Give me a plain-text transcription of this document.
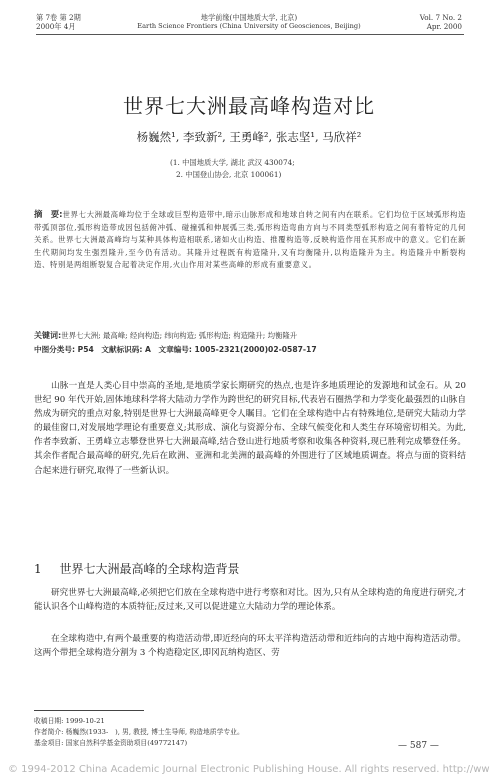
第 7卷 第 2期
2000年 4月
地学前缘(中国地质大学, 北京)
Earth Science Frontiers (China University of Geosciences, Beijing)
Vol. 7 No. 2
Apr. 2000
世界七大洲最高峰构造对比
杨巍然¹, 李致新², 王勇峰², 张志坚¹, 马欣祥²
(1. 中国地质大学, 湖北 武汉 430074;
2. 中国登山协会, 北京 100061)
摘　要:世界七大洲最高峰均位于全球或巨型构造带中,暗示山脉形成和地球自转之间有内在联系。它们均位于区域弧形构造带弧顶部位,弧形构造带成因包括俯冲弧、碰撞弧和伸展弧三类,弧形构造弯曲方向与不同类型弧形构造之间有着特定的几何关系。世界七大洲最高峰均与某种具体构造相联系,诸如火山构造、推覆构造等,反映构造作用在其形成中的意义。它们在新生代期间均发生强烈隆升,至今仍有活动。其隆升过程既有构造隆升,又有均衡隆升,以构造隆升为主。构造隆升中断裂构造、特别是两组断裂复合起着决定作用,火山作用对某些高峰的形成有重要意义。
关键词:世界七大洲; 最高峰; 经向构造; 纬向构造; 弧形构造; 构造隆升; 均衡隆升
中图分类号: P54　文献标识码: A　文章编号: 1005-2321(2000)02-0587-17
山脉一直是人类心目中崇高的圣地,是地质学家长期研究的热点,也是许多地质理论的发源地和试金石。从 20 世纪 90 年代开始,固体地球科学将大陆动力学作为跨世纪的研究目标,代表岩石圈热学和力学变化最强烈的山脉自然成为研究的重点对象,特别是世界七大洲最高峰更令人瞩目。它们在全球构造中占有特殊地位,是研究大陆动力学的最佳窗口,对发展地学理论有重要意义;其形成、演化与资源分布、全球气候变化和人类生存环境密切相关。为此,作者李致新、王勇峰立志攀登世界七大洲最高峰,结合登山进行地质考察和收集各种资料,现已胜利完成攀登任务。其余作者配合最高峰的研究,先后在欧洲、亚洲和北美洲的最高峰的外围进行了区域地质调查。将点与面的资料结合起来进行研究,取得了一些新认识。
1 世界七大洲最高峰的全球构造背景
研究世界七大洲最高峰,必须把它们放在全球构造中进行考察和对比。因为,只有从全球构造的角度进行研究,才能认识各个山峰构造的本质特征;反过来,又可以促进建立大陆动力学的理论体系。
在全球构造中,有两个最重要的构造活动带,即近经向的环太平洋构造活动带和近纬向的古地中海构造活动带。这两个带把全球构造分割为 3 个构造稳定区,即冈瓦纳构造区、劳
收稿日期: 1999-10-21
作者简介: 杨巍然(1933-　), 男, 教授, 博士生导师, 构造地质学专业。
基金项目: 国家自然科学基金资助项目(49772147)	— 587 —
© 1994-2012 China Academic Journal Electronic Publishing House. All rights reserved. http://ww
